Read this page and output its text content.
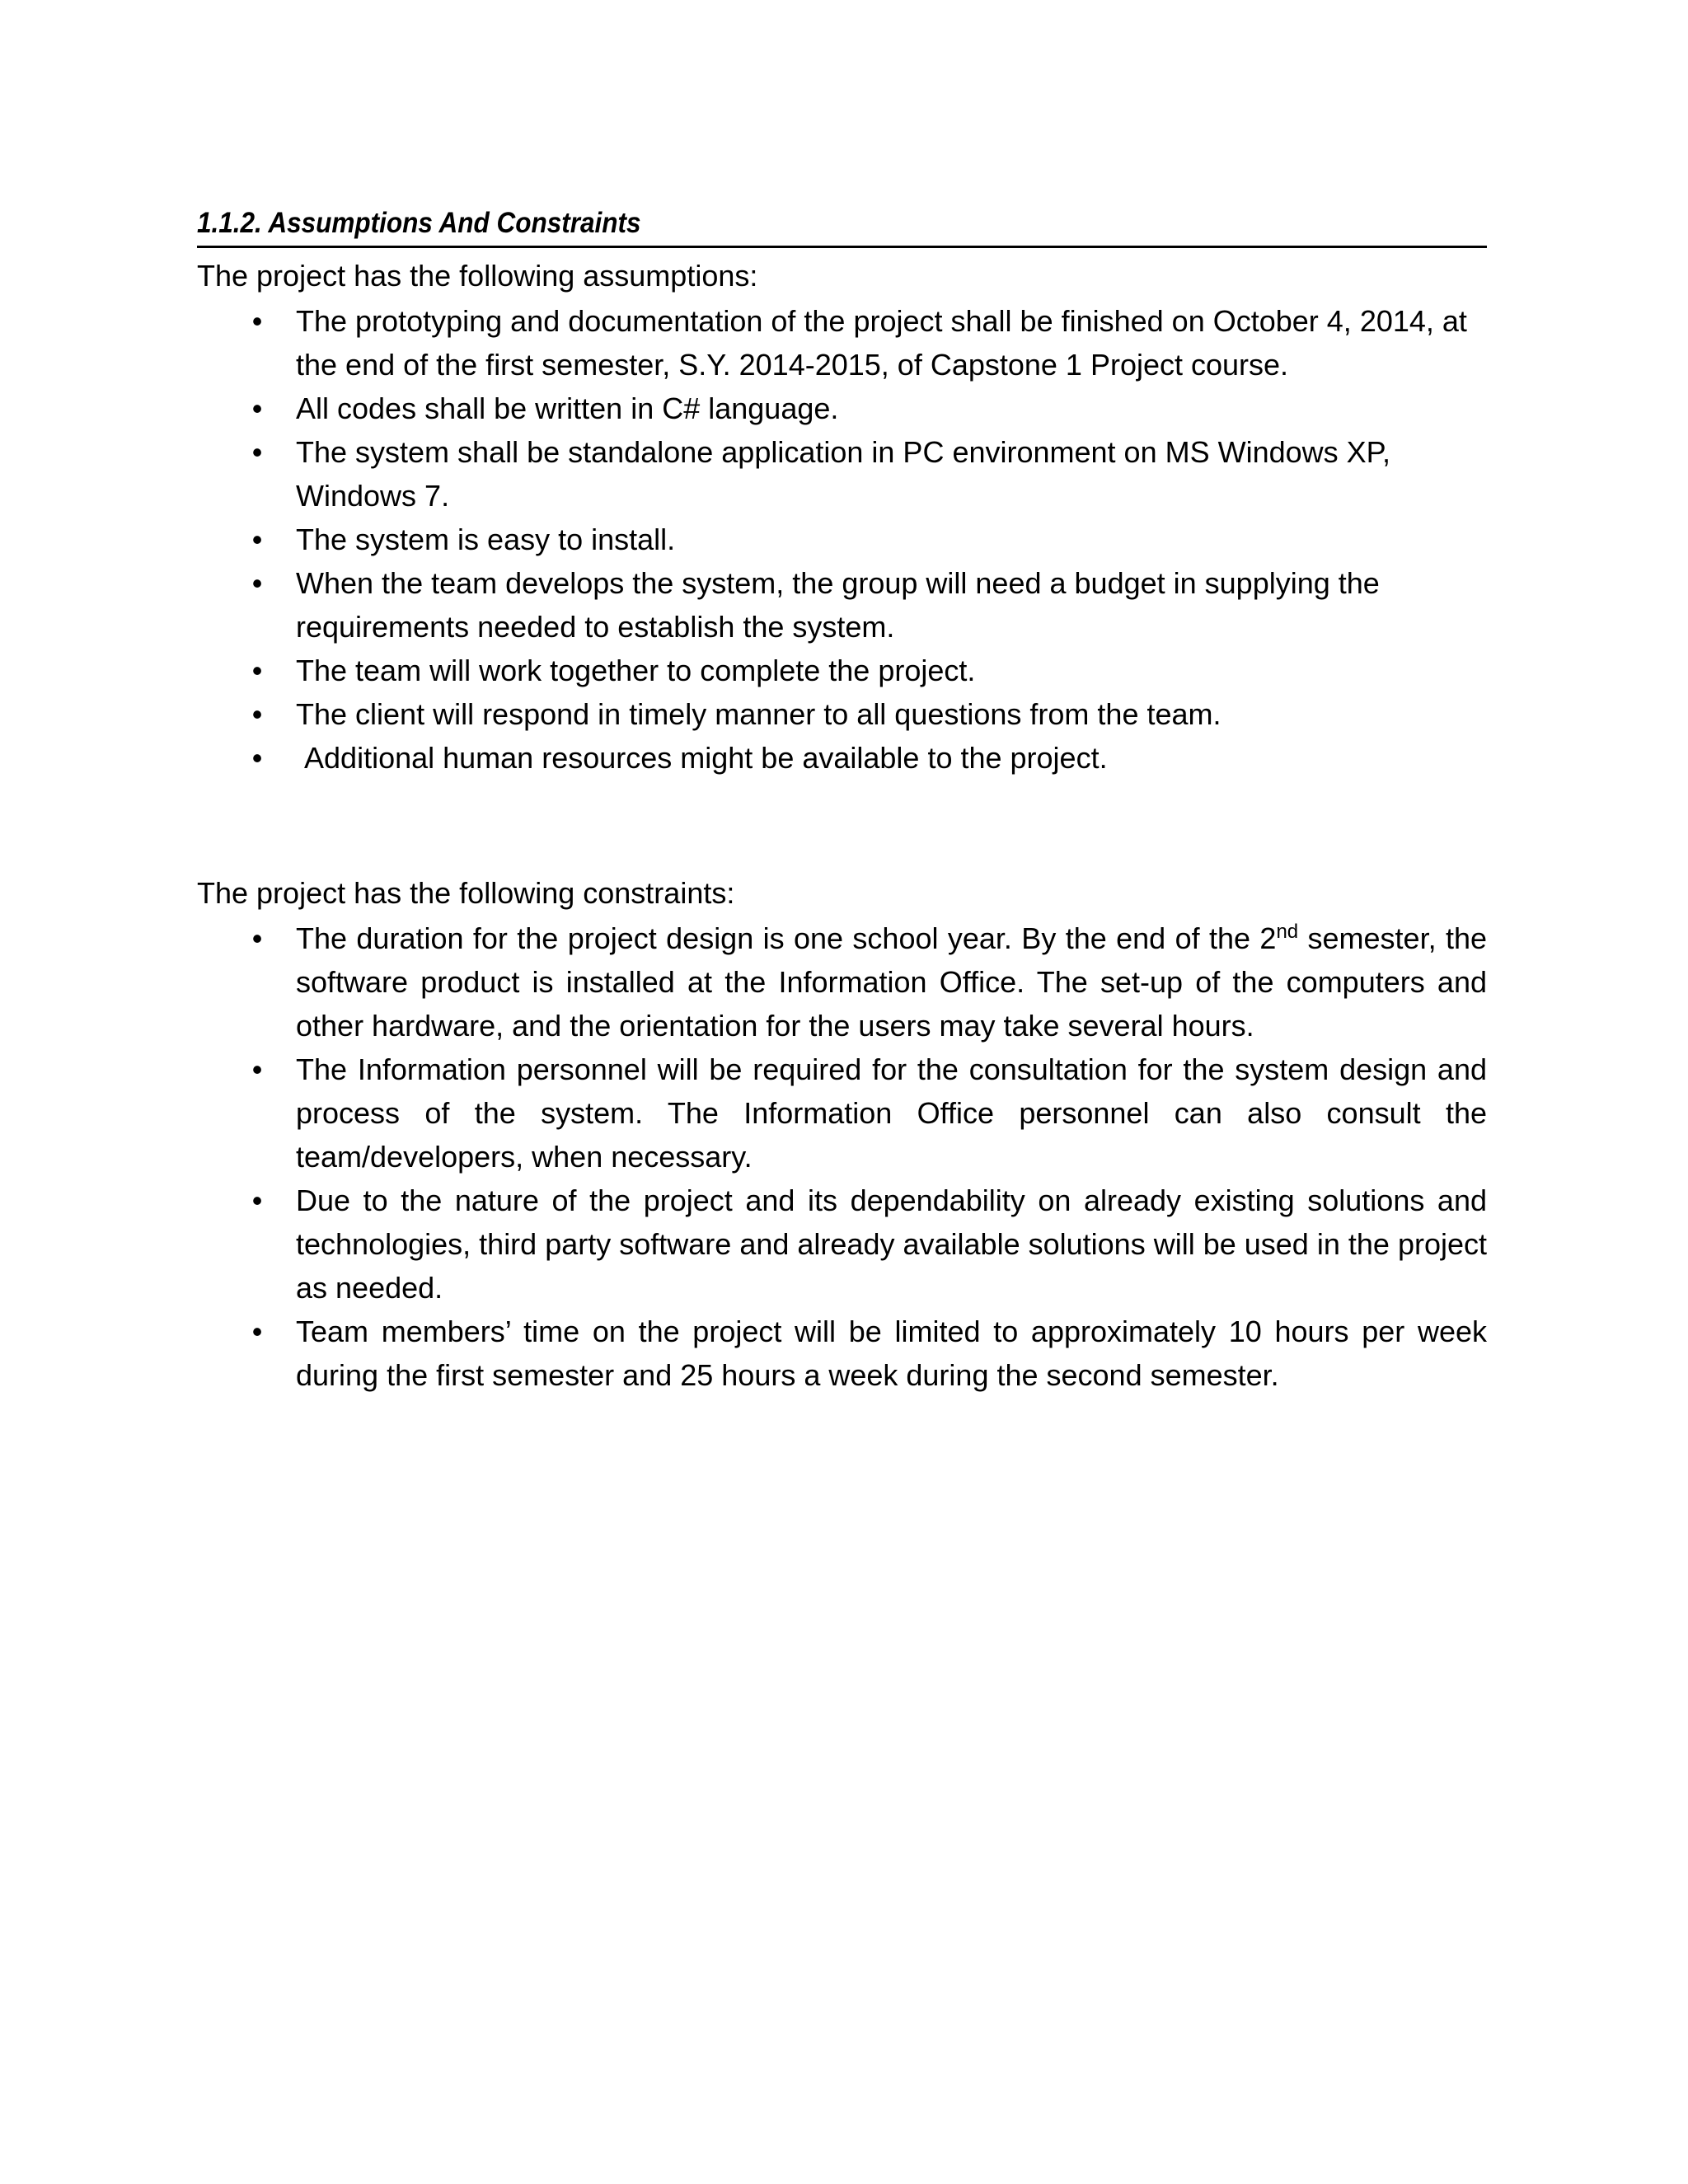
1.1.2. Assumptions And Constraints
The project has the following assumptions:
• The prototyping and documentation of the project shall be finished on October 4, 2014, at the end of the first semester, S.Y. 2014-2015, of Capstone 1 Project course.
• All codes shall be written in C# language.
• The system shall be standalone application in PC environment on MS Windows XP, Windows 7.
• The system is easy to install.
• When the team develops the system, the group will need a budget in supplying the requirements needed to establish the system.
• The team will work together to complete the project.
• The client will respond in timely manner to all questions from the team.
• Additional human resources might be available to the project.
The project has the following constraints:
• The duration for the project design is one school year. By the end of the 2nd semester, the software product is installed at the Information Office. The set-up of the computers and other hardware, and the orientation for the users may take several hours.
• The Information personnel will be required for the consultation for the system design and process of the system. The Information Office personnel can also consult the team/developers, when necessary.
• Due to the nature of the project and its dependability on already existing solutions and technologies, third party software and already available solutions will be used in the project as needed.
• Team members’ time on the project will be limited to approximately 10 hours per week during the first semester and 25 hours a week during the second semester.
